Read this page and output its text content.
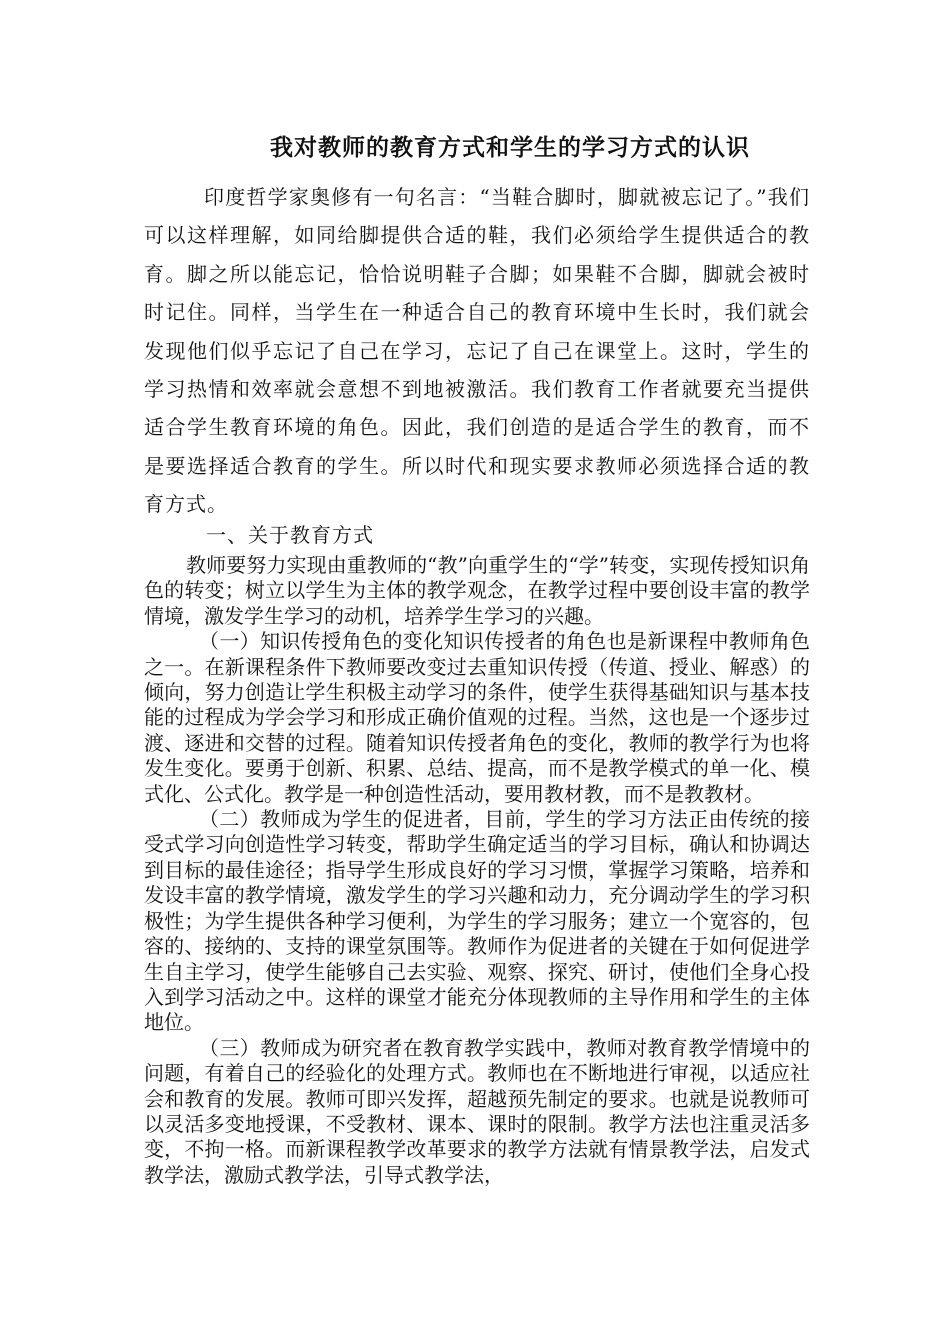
我对教师的教育方式和学生的学习方式的认识

印度哲学家奥修有一句名言：“当鞋合脚时，脚就被忘记了。”我们可以这样理解，如同给脚提供合适的鞋，我们必须给学生提供适合的教育。脚之所以能忘记，恰恰说明鞋子合脚；如果鞋不合脚，脚就会被时时记住。同样，当学生在一种适合自己的教育环境中生长时，我们就会发现他们似乎忘记了自己在学习，忘记了自己在课堂上。这时，学生的学习热情和效率就会意想不到地被激活。我们教育工作者就要充当提供适合学生教育环境的角色。因此，我们创造的是适合学生的教育，而不是要选择适合教育的学生。所以时代和现实要求教师必须选择合适的教育方式。

一、关于教育方式

教师要努力实现由重教师的“教”向重学生的“学”转变，实现传授知识角色的转变；树立以学生为主体的教学观念，在教学过程中要创设丰富的教学情境，激发学生学习的动机，培养学生学习的兴趣。

（一）知识传授角色的变化知识传授者的角色也是新课程中教师角色之一。在新课程条件下教师要改变过去重知识传授（传道、授业、解惑）的倾向，努力创造让学生积极主动学习的条件，使学生获得基础知识与基本技能的过程成为学会学习和形成正确价值观的过程。当然，这也是一个逐步过渡、逐进和交替的过程。随着知识传授者角色的变化，教师的教学行为也将发生变化。要勇于创新、积累、总结、提高，而不是教学模式的单一化、模式化、公式化。教学是一种创造性活动，要用教材教，而不是教教材。

（二）教师成为学生的促进者，目前，学生的学习方法正由传统的接受式学习向创造性学习转变，帮助学生确定适当的学习目标，确认和协调达到目标的最佳途径；指导学生形成良好的学习习惯，掌握学习策略，培养和发设丰富的教学情境，激发学生的学习兴趣和动力，充分调动学生的学习积极性；为学生提供各种学习便利，为学生的学习服务；建立一个宽容的，包容的、接纳的、支持的课堂氛围等。教师作为促进者的关键在于如何促进学生自主学习，使学生能够自己去实验、观察、探究、研讨，使他们全身心投入到学习活动之中。这样的课堂才能充分体现教师的主导作用和学生的主体地位。

（三）教师成为研究者在教育教学实践中，教师对教育教学情境中的问题，有着自己的经验化的处理方式。教师也在不断地进行审视，以适应社会和教育的发展。教师可即兴发挥，超越预先制定的要求。也就是说教师可以灵活多变地授课，不受教材、课本、课时的限制。教学方法也注重灵活多变，不拘一格。而新课程教学改革要求的教学方法就有情景教学法，启发式教学法，激励式教学法，引导式教学法，
